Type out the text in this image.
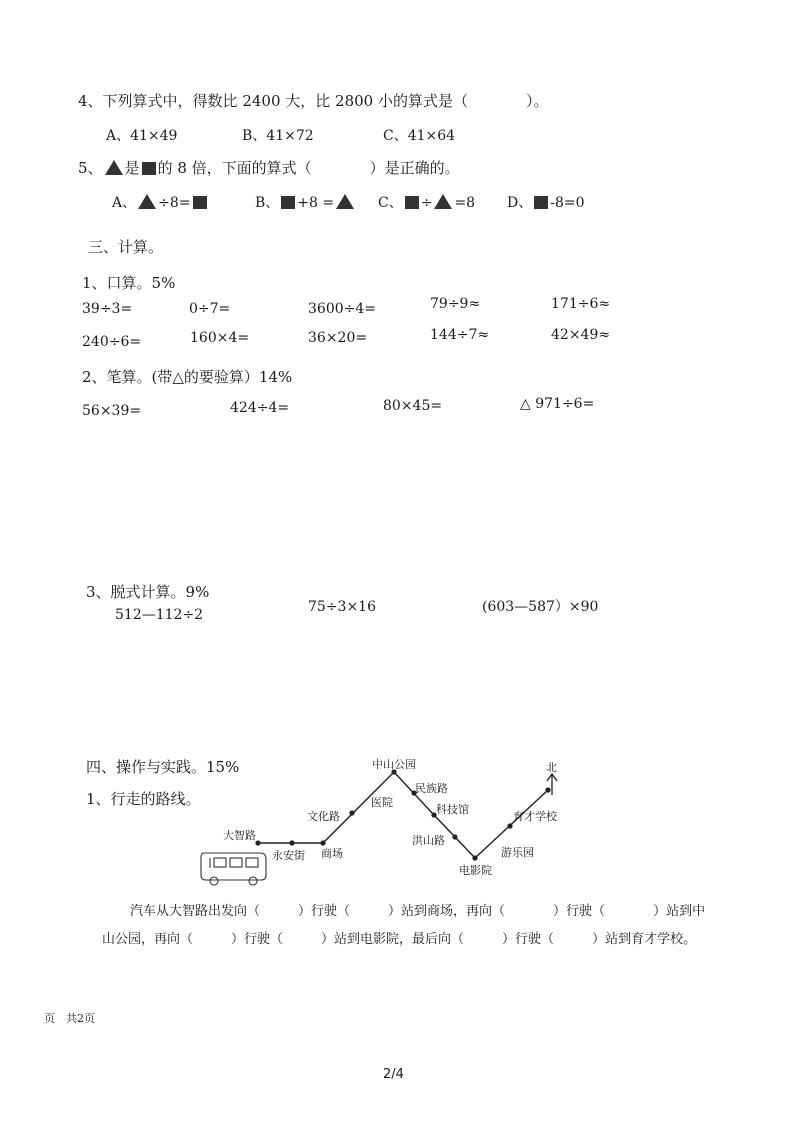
4、下列算式中，得数比 2400 大，比 2800 小的算式是（	）。
A、41×49	B、41×72	C、41×64
5、 是 的 8 倍，下面的算式（	）是正确的。
A、 ÷8=	B、 +8 =	C、 ÷ =8 D、 -8=0
三、计算。
1、口算。5%
39÷3=	0÷7=	3600÷4=	79÷9≈	171÷6≈
240÷6=	160×4=	36×20=	144÷7≈	42×49≈
2、笔算。(带△的要验算）14%
56×39=	424÷4=	80×45=	△ 971÷6=
3、脱式计算。9%
512—112÷2	75÷3×16	(603—587）×90
四、操作与实践。15%
1、行走的路线。
北
中山公园
民族路
医院
科技馆
育才学校
文化路
大智路
永安街 商场
洪山路
游乐园
电影院
汽车从大智路出发向（	）行驶（	）站到商场，再向（	）行驶（	）站到中
山公园，再向（	）行驶（	）站到电影院，最后向（	）行驶（	）站到育才学校。
页　共2页
2/4
